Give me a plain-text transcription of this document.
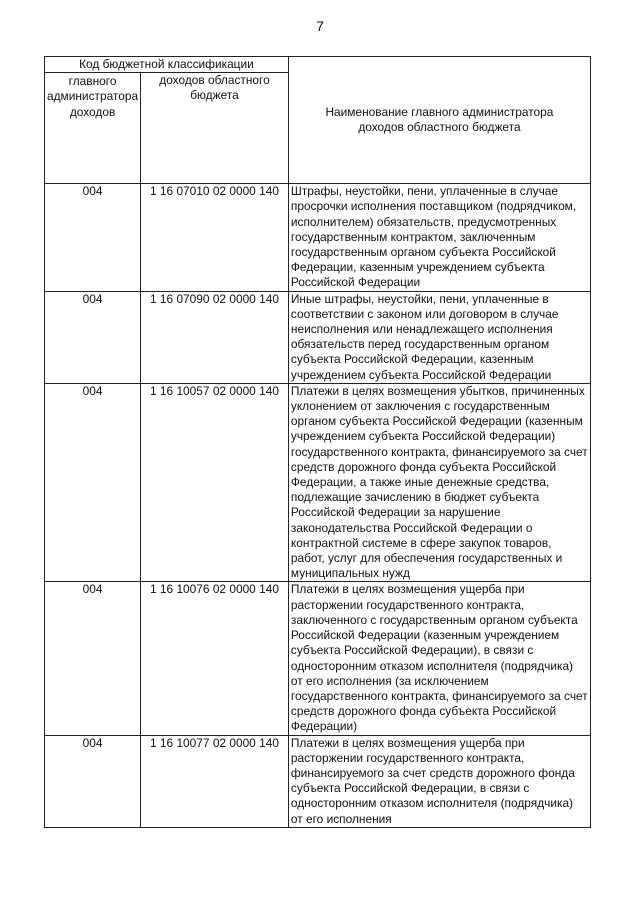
7
Код бюджетной классификации		Наименование главного администратора доходов областного бюджета
главного администратора доходов	доходов областного бюджета	
004	1 16 07010 02 0000 140	Штрафы, неустойки, пени, уплаченные в случае просрочки исполнения поставщиком (подрядчиком, исполнителем) обязательств, предусмотренных государственным контрактом, заключенным государственным органом субъекта Российской Федерации, казенным учреждением субъекта Российской Федерации
004	1 16 07090 02 0000 140	Иные штрафы, неустойки, пени, уплаченные в соответствии с законом или договором в случае неисполнения или ненадлежащего исполнения обязательств перед государственным органом субъекта Российской Федерации, казенным учреждением субъекта Российской Федерации
004	1 16 10057 02 0000 140	Платежи в целях возмещения убытков, причиненных уклонением от заключения с государственным органом субъекта Российской Федерации (казенным учреждением субъекта Российской Федерации) государственного контракта, финансируемого за счет средств дорожного фонда субъекта Российской Федерации, а также иные денежные средства, подлежащие зачислению в бюджет субъекта Российской Федерации за нарушение законодательства Российской Федерации о контрактной системе в сфере закупок товаров, работ, услуг для обеспечения государственных и муниципальных нужд
004	1 16 10076 02 0000 140	Платежи в целях возмещения ущерба при расторжении государственного контракта, заключенного с государственным органом субъекта Российской Федерации (казенным учреждением субъекта Российской Федерации), в связи с односторонним отказом исполнителя (подрядчика) от его исполнения (за исключением государственного контракта, финансируемого за счет средств дорожного фонда субъекта Российской Федерации)
004	1 16 10077 02 0000 140	Платежи в целях возмещения ущерба при расторжении государственного контракта, финансируемого за счет средств дорожного фонда субъекта Российской Федерации, в связи с односторонним отказом исполнителя (подрядчика) от его исполнения
